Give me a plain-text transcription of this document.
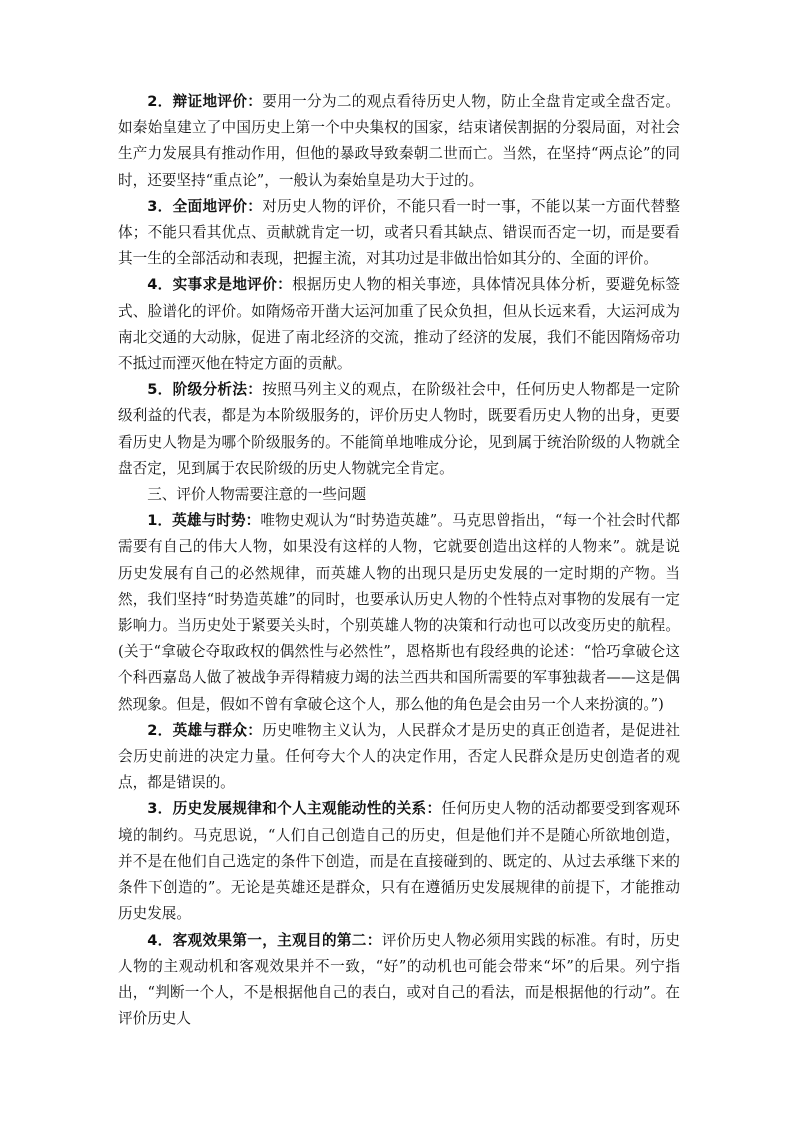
2．辩证地评价：要用一分为二的观点看待历史人物，防止全盘肯定或全盘否定。如秦始皇建立了中国历史上第一个中央集权的国家，结束诸侯割据的分裂局面，对社会生产力发展具有推动作用，但他的暴政导致秦朝二世而亡。当然，在坚持“两点论”的同时，还要坚持“重点论”，一般认为秦始皇是功大于过的。

3．全面地评价：对历史人物的评价，不能只看一时一事，不能以某一方面代替整体；不能只看其优点、贡献就肯定一切，或者只看其缺点、错误而否定一切，而是要看其一生的全部活动和表现，把握主流，对其功过是非做出恰如其分的、全面的评价。

4．实事求是地评价：根据历史人物的相关事迹，具体情况具体分析，要避免标签式、脸谱化的评价。如隋炀帝开凿大运河加重了民众负担，但从长远来看，大运河成为南北交通的大动脉，促进了南北经济的交流，推动了经济的发展，我们不能因隋炀帝功不抵过而湮灭他在特定方面的贡献。

5．阶级分析法：按照马列主义的观点，在阶级社会中，任何历史人物都是一定阶级利益的代表，都是为本阶级服务的，评价历史人物时，既要看历史人物的出身，更要看历史人物是为哪个阶级服务的。不能简单地唯成分论，见到属于统治阶级的人物就全盘否定，见到属于农民阶级的历史人物就完全肯定。

三、评价人物需要注意的一些问题

1．英雄与时势：唯物史观认为“时势造英雄”。马克思曾指出，“每一个社会时代都需要有自己的伟大人物，如果没有这样的人物，它就要创造出这样的人物来”。就是说历史发展有自己的必然规律，而英雄人物的出现只是历史发展的一定时期的产物。当然，我们坚持“时势造英雄”的同时，也要承认历史人物的个性特点对事物的发展有一定影响力。当历史处于紧要关头时，个别英雄人物的决策和行动也可以改变历史的航程。(关于“拿破仑夺取政权的偶然性与必然性”，恩格斯也有段经典的论述：“恰巧拿破仑这个科西嘉岛人做了被战争弄得精疲力竭的法兰西共和国所需要的军事独裁者——这是偶然现象。但是，假如不曾有拿破仑这个人，那么他的角色是会由另一个人来扮演的。”)

2．英雄与群众：历史唯物主义认为，人民群众才是历史的真正创造者，是促进社会历史前进的决定力量。任何夸大个人的决定作用，否定人民群众是历史创造者的观点，都是错误的。

3．历史发展规律和个人主观能动性的关系：任何历史人物的活动都要受到客观环境的制约。马克思说，“人们自己创造自己的历史，但是他们并不是随心所欲地创造，并不是在他们自己选定的条件下创造，而是在直接碰到的、既定的、从过去承继下来的条件下创造的”。无论是英雄还是群众，只有在遵循历史发展规律的前提下，才能推动历史发展。

4．客观效果第一，主观目的第二：评价历史人物必须用实践的标准。有时，历史人物的主观动机和客观效果并不一致，“好”的动机也可能会带来“坏”的后果。列宁指出，“判断一个人，不是根据他自己的表白，或对自己的看法，而是根据他的行动”。在评价历史人
